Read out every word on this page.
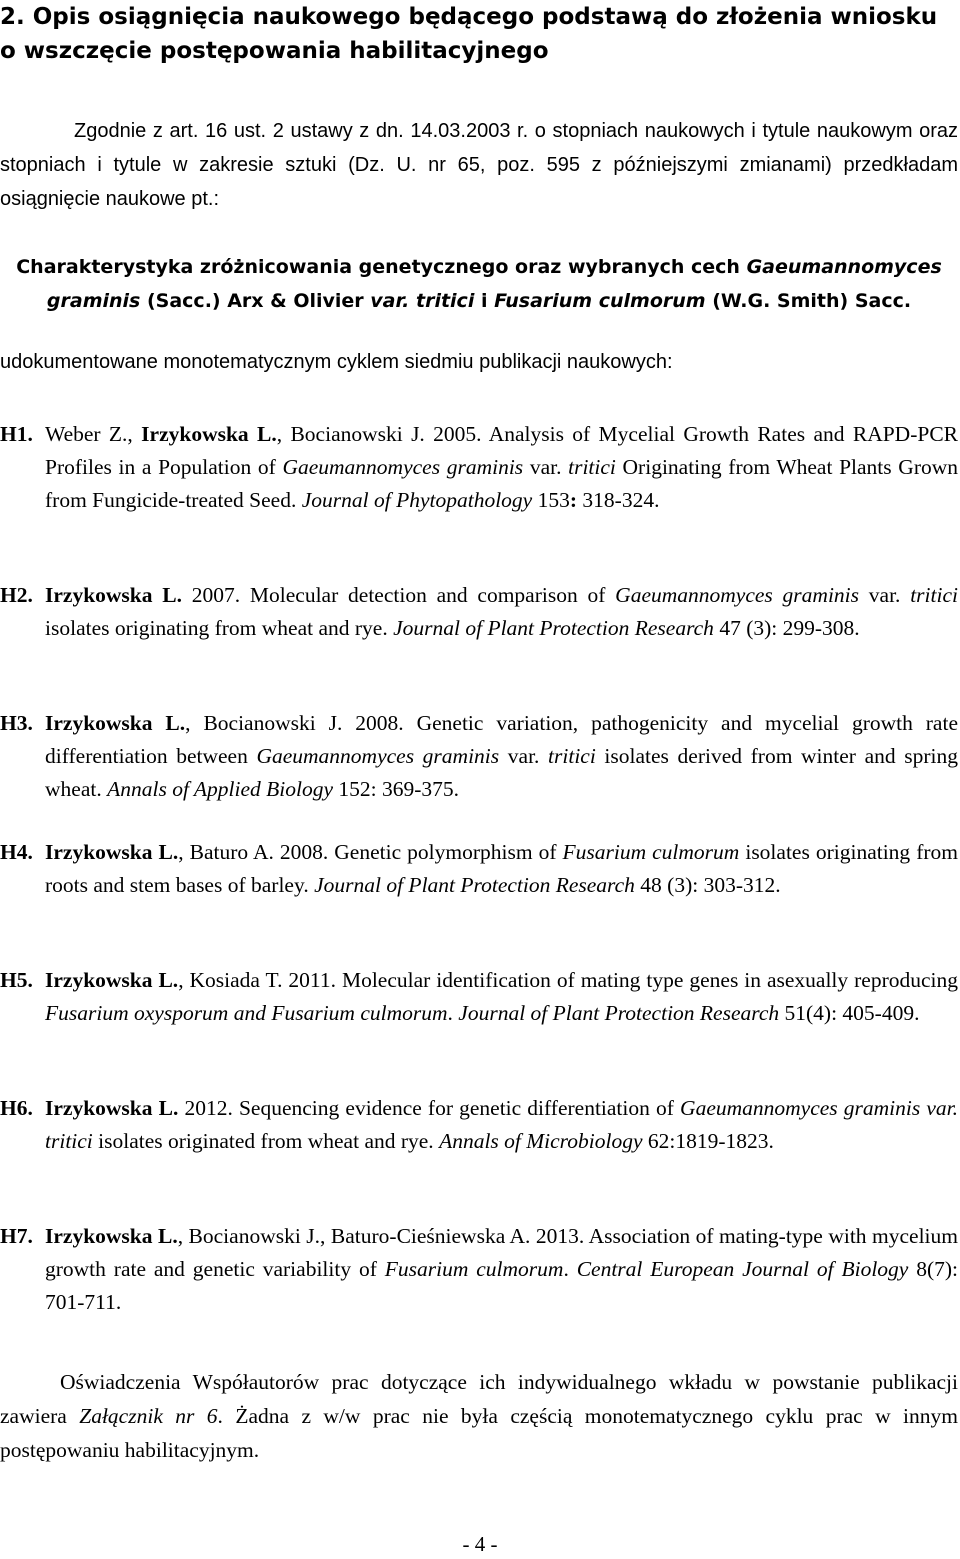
2. Opis osiągnięcia naukowego będącego podstawą do złożenia wniosku o wszczęcie postępowania habilitacyjnego
Zgodnie z art. 16 ust. 2 ustawy z dn. 14.03.2003 r. o stopniach naukowych i tytule naukowym oraz stopniach i tytule w zakresie sztuki (Dz. U. nr 65, poz. 595 z późniejszymi zmianami) przedkładam osiągnięcie naukowe pt.:
Charakterystyka zróżnicowania genetycznego oraz wybranych cech Gaeumannomyces graminis (Sacc.) Arx & Olivier var. tritici i Fusarium culmorum (W.G. Smith) Sacc.
udokumentowane monotematycznym cyklem siedmiu publikacji naukowych:
H1. Weber Z., Irzykowska L., Bocianowski J. 2005. Analysis of Mycelial Growth Rates and RAPD-PCR Profiles in a Population of Gaeumannomyces graminis var. tritici Originating from Wheat Plants Grown from Fungicide-treated Seed. Journal of Phytopathology 153: 318-324.
H2. Irzykowska L. 2007. Molecular detection and comparison of Gaeumannomyces graminis var. tritici isolates originating from wheat and rye. Journal of Plant Protection Research 47 (3): 299-308.
H3. Irzykowska L., Bocianowski J. 2008. Genetic variation, pathogenicity and mycelial growth rate differentiation between Gaeumannomyces graminis var. tritici isolates derived from winter and spring wheat. Annals of Applied Biology 152: 369-375.
H4. Irzykowska L., Baturo A. 2008. Genetic polymorphism of Fusarium culmorum isolates originating from roots and stem bases of barley. Journal of Plant Protection Research 48 (3): 303-312.
H5. Irzykowska L., Kosiada T. 2011. Molecular identification of mating type genes in asexually reproducing Fusarium oxysporum and Fusarium culmorum. Journal of Plant Protection Research 51(4): 405-409.
H6. Irzykowska L. 2012. Sequencing evidence for genetic differentiation of Gaeumannomyces graminis var. tritici isolates originated from wheat and rye. Annals of Microbiology 62:1819-1823.
H7. Irzykowska L., Bocianowski J., Baturo-Cieśniewska A. 2013. Association of mating-type with mycelium growth rate and genetic variability of Fusarium culmorum. Central European Journal of Biology 8(7): 701-711.
Oświadczenia Współautorów prac dotyczące ich indywidualnego wkładu w powstanie publikacji zawiera Załącznik nr 6. Żadna z w/w prac nie była częścią monotematycznego cyklu prac w innym postępowaniu habilitacyjnym.
- 4 -
